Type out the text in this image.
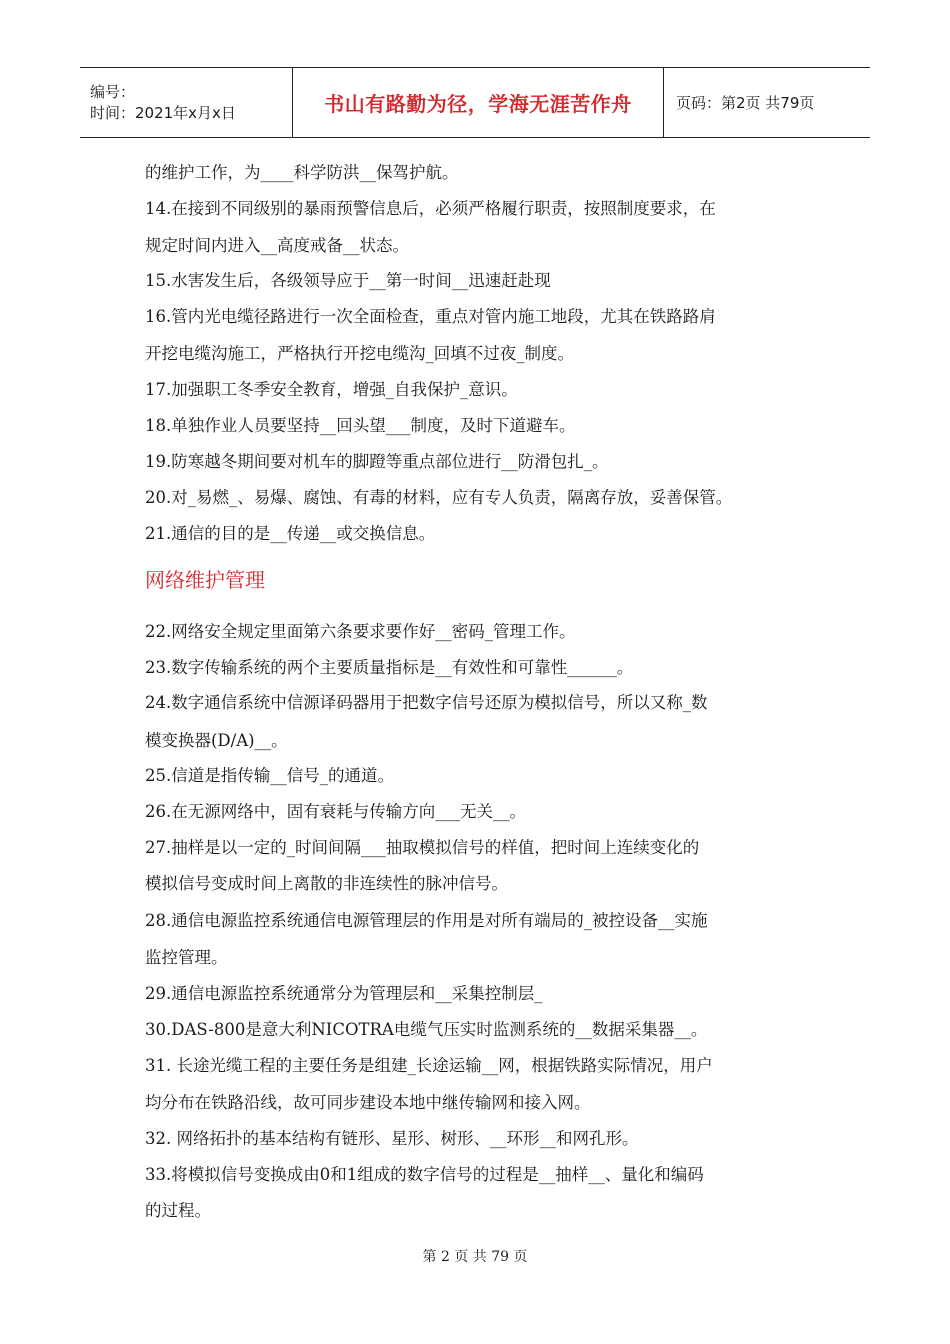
编号：
时间：2021年x月x日	书山有路勤为径，学海无涯苦作舟	页码：第2页 共79页
的维护工作，为____科学防洪__保驾护航。
14.在接到不同级别的暴雨预警信息后，必须严格履行职责，按照制度要求，在
规定时间内进入__高度戒备__状态。
15.水害发生后，各级领导应于__第一时间__迅速赶赴现
16.管内光电缆径路进行一次全面检查，重点对管内施工地段，尤其在铁路路肩
开挖电缆沟施工，严格执行开挖电缆沟_回填不过夜_制度。
17.加强职工冬季安全教育，增强_自我保护_意识。
18.单独作业人员要坚持__回头望___制度，及时下道避车。
19.防寒越冬期间要对机车的脚蹬等重点部位进行__防滑包扎_。
20.对_易燃_、易爆、腐蚀、有毒的材料，应有专人负责，隔离存放，妥善保管。
21.通信的目的是__传递__或交换信息。
网络维护管理
22.网络安全规定里面第六条要求要作好__密码_管理工作。
23.数字传输系统的两个主要质量指标是__有效性和可靠性______。
24.数字通信系统中信源译码器用于把数字信号还原为模拟信号，所以又称_数
模变换器(D/A)__。
25.信道是指传输__信号_的通道。
26.在无源网络中，固有衰耗与传输方向___无关__。
27.抽样是以一定的_时间间隔___抽取模拟信号的样值，把时间上连续变化的
模拟信号变成时间上离散的非连续性的脉冲信号。
28.通信电源监控系统通信电源管理层的作用是对所有端局的_被控设备__实施
监控管理。
29.通信电源监控系统通常分为管理层和__采集控制层_
30.DAS-800是意大利NICOTRA电缆气压实时监测系统的__数据采集器__。
31. 长途光缆工程的主要任务是组建_长途运输__网，根据铁路实际情况，用户
均分布在铁路沿线，故可同步建设本地中继传输网和接入网。
32. 网络拓扑的基本结构有链形、星形、树形、__环形__和网孔形。
33.将模拟信号变换成由0和1组成的数字信号的过程是__抽样__、量化和编码
的过程。
第 2 页 共 79 页
